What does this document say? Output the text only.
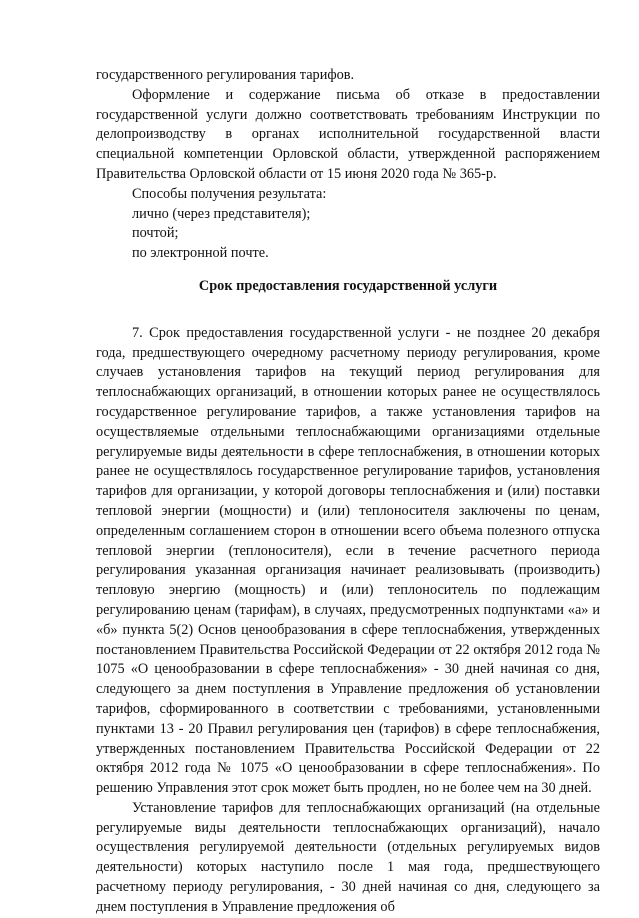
государственного регулирования тарифов.

Оформление и содержание письма об отказе в предоставлении государственной услуги должно соответствовать требованиям Инструкции по делопроизводству в органах исполнительной государственной власти специальной компетенции Орловской области, утвержденной распоряжением Правительства Орловской области от 15 июня 2020 года № 365-р.

Способы получения результата:

лично (через представителя);

почтой;

по электронной почте.

Срок предоставления государственной услуги

7. Срок предоставления государственной услуги - не позднее 20 декабря года, предшествующего очередному расчетному периоду регулирования, кроме случаев установления тарифов на текущий период регулирования для теплоснабжающих организаций, в отношении которых ранее не осуществлялось государственное регулирование тарифов, а также установления тарифов на осуществляемые отдельными теплоснабжающими организациями отдельные регулируемые виды деятельности в сфере теплоснабжения, в отношении которых ранее не осуществлялось государственное регулирование тарифов, установления тарифов для организации, у которой договоры теплоснабжения и (или) поставки тепловой энергии (мощности) и (или) теплоносителя заключены по ценам, определенным соглашением сторон в отношении всего объема полезного отпуска тепловой энергии (теплоносителя), если в течение расчетного периода регулирования указанная организация начинает реализовывать (производить) тепловую энергию (мощность) и (или) теплоноситель по подлежащим регулированию ценам (тарифам), в случаях, предусмотренных подпунктами «а» и «б» пункта 5(2) Основ ценообразования в сфере теплоснабжения, утвержденных постановлением Правительства Российской Федерации от 22 октября 2012 года № 1075 «О ценообразовании в сфере теплоснабжения» - 30 дней начиная со дня, следующего за днем поступления в Управление предложения об установлении тарифов, сформированного в соответствии с требованиями, установленными пунктами 13 - 20 Правил регулирования цен (тарифов) в сфере теплоснабжения, утвержденных постановлением Правительства Российской Федерации от 22 октября 2012 года № 1075 «О ценообразовании в сфере теплоснабжения». По решению Управления этот срок может быть продлен, но не более чем на 30 дней.

Установление тарифов для теплоснабжающих организаций (на отдельные регулируемые виды деятельности теплоснабжающих организаций), начало осуществления регулируемой деятельности (отдельных регулируемых видов деятельности) которых наступило после 1 мая года, предшествующего расчетному периоду регулирования, - 30 дней начиная со дня, следующего за днем поступления в Управление предложения об
